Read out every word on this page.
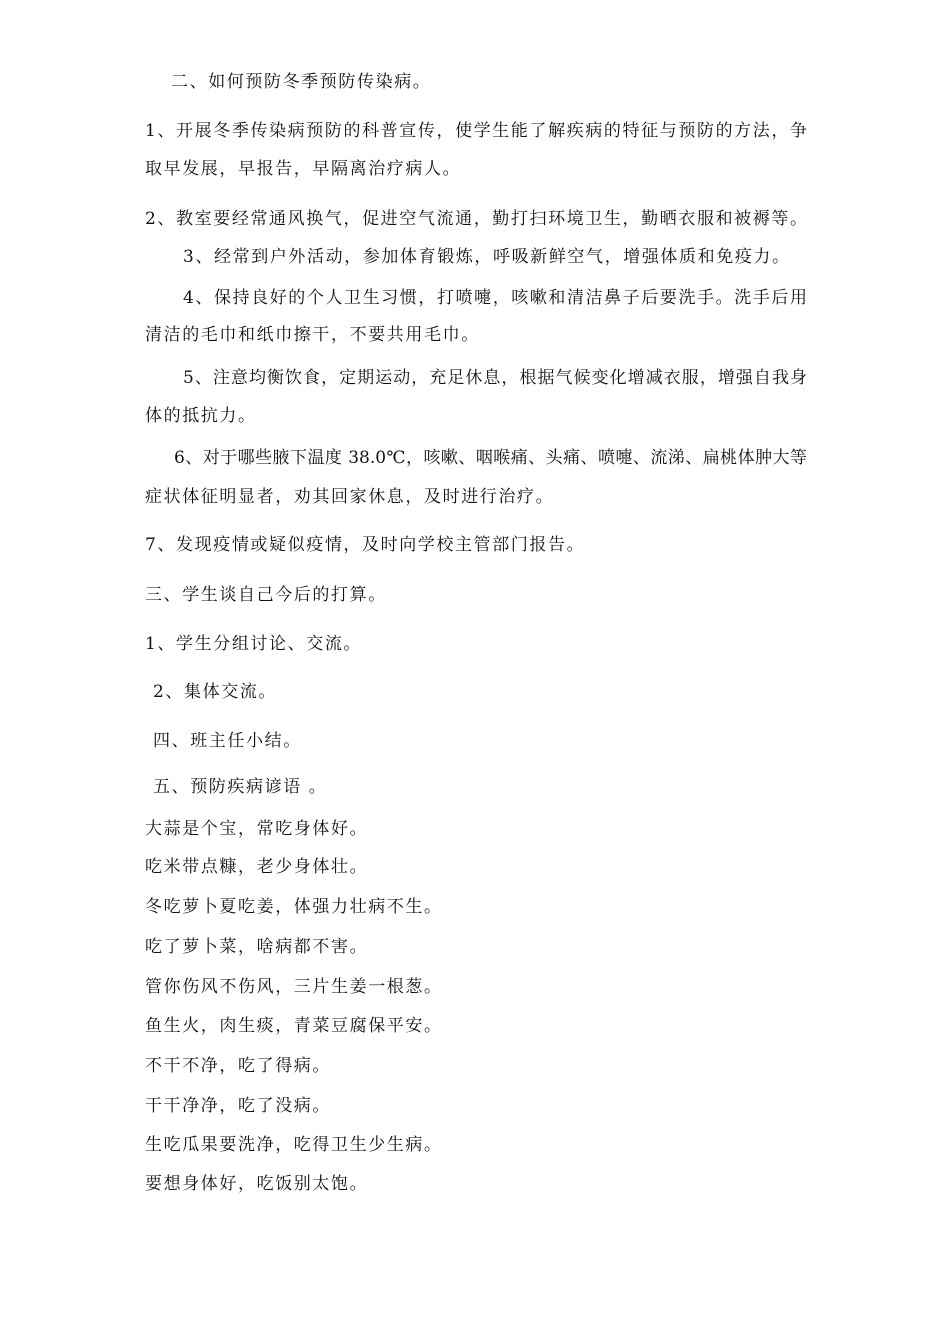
二、如何预防冬季预防传染病。
1、开展冬季传染病预防的科普宣传，使学生能了解疾病的特征与预防的方法，争
取早发展，早报告，早隔离治疗病人。
2、教室要经常通风换气，促进空气流通，勤打扫环境卫生，勤晒衣服和被褥等。
3、经常到户外活动，参加体育锻炼，呼吸新鲜空气，增强体质和免疫力。
4、保持良好的个人卫生习惯，打喷嚏，咳嗽和清洁鼻子后要洗手。洗手后用
清洁的毛巾和纸巾擦干，不要共用毛巾。
5、注意均衡饮食，定期运动，充足休息，根据气候变化增减衣服，增强自我身
体的抵抗力。
6、对于哪些腋下温度 38.0℃，咳嗽、咽喉痛、头痛、喷嚏、流涕、扁桃体肿大等
症状体征明显者，劝其回家休息，及时进行治疗。
7、发现疫情或疑似疫情，及时向学校主管部门报告。
三、学生谈自己今后的打算。
1、学生分组讨论、交流。
2、集体交流。
四、班主任小结。
五、预防疾病谚语 。
大蒜是个宝，常吃身体好。
吃米带点糠，老少身体壮。
冬吃萝卜夏吃姜，体强力壮病不生。
吃了萝卜菜，啥病都不害。
管你伤风不伤风，三片生姜一根葱。
鱼生火，肉生痰，青菜豆腐保平安。
不干不净，吃了得病。
干干净净，吃了没病。
生吃瓜果要洗净，吃得卫生少生病。
要想身体好，吃饭别太饱。
